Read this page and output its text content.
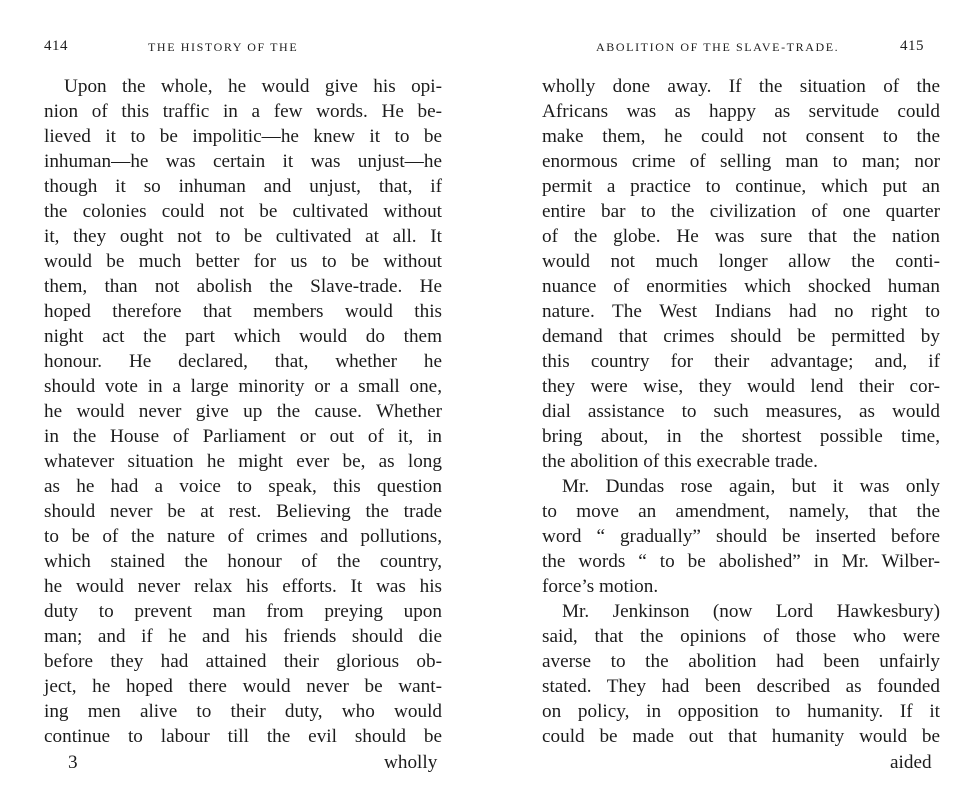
414	THE HISTORY OF THE
Upon the whole, he would give his opi-
nion of this traffic in a few words. He be-
lieved it to be impolitic—he knew it to be
inhuman—he was certain it was unjust—he
though it so inhuman and unjust, that, if
the colonies could not be cultivated without
it, they ought not to be cultivated at all. It
would be much better for us to be without
them, than not abolish the Slave-trade. He
hoped therefore that members would this
night act the part which would do them
honour. He declared, that, whether he
should vote in a large minority or a small one,
he would never give up the cause. Whether
in the House of Parliament or out of it, in
whatever situation he might ever be, as long
as he had a voice to speak, this question
should never be at rest. Believing the trade
to be of the nature of crimes and pollutions,
which stained the honour of the country,
he would never relax his efforts. It was his
duty to prevent man from preying upon
man; and if he and his friends should die
before they had attained their glorious ob-
ject, he hoped there would never be want-
ing men alive to their duty, who would
continue to labour till the evil should be
3	wholly
ABOLITION OF THE SLAVE-TRADE.	415
wholly done away. If the situation of the
Africans was as happy as servitude could
make them, he could not consent to the
enormous crime of selling man to man; nor
permit a practice to continue, which put an
entire bar to the civilization of one quarter
of the globe. He was sure that the nation
would not much longer allow the conti-
nuance of enormities which shocked human
nature. The West Indians had no right to
demand that crimes should be permitted by
this country for their advantage; and, if
they were wise, they would lend their cor-
dial assistance to such measures, as would
bring about, in the shortest possible time,
the abolition of this execrable trade.
Mr. Dundas rose again, but it was only
to move an amendment, namely, that the
word “ gradually” should be inserted before
the words “ to be abolished” in Mr. Wilber-
force’s motion.
Mr. Jenkinson (now Lord Hawkesbury)
said, that the opinions of those who were
averse to the abolition had been unfairly
stated. They had been described as founded
on policy, in opposition to humanity. If it
could be made out that humanity would be
aided
